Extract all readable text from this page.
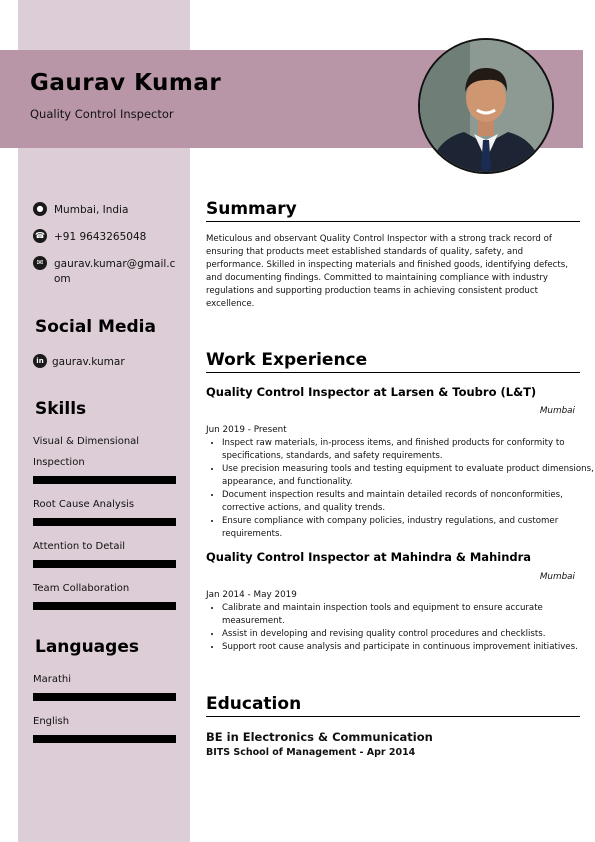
Gaurav Kumar
Quality Control Inspector
●	Mumbai, India
☎ +91 9643265048
✉	gaurav.kumar@gmail.com
Social Media
in gaurav.kumar
Skills
Visual & Dimensional Inspection
Root Cause Analysis
Attention to Detail
Team Collaboration
Languages
Marathi
English
Summary
Meticulous and observant Quality Control Inspector with a strong track record of ensuring that products meet established standards of quality, safety, and performance. Skilled in inspecting materials and finished goods, identifying defects, and documenting findings. Committed to maintaining compliance with industry regulations and supporting production teams in achieving consistent product excellence.
Work Experience
Quality Control Inspector at Larsen & Toubro (L&T)
Mumbai
Jun 2019 - Present
• Inspect raw materials, in-process items, and finished products for conformity to specifications, standards, and safety requirements.
• Use precision measuring tools and testing equipment to evaluate product dimensions, appearance, and functionality.
• Document inspection results and maintain detailed records of nonconformities, corrective actions, and quality trends.
• Ensure compliance with company policies, industry regulations, and customer requirements.
Quality Control Inspector at Mahindra & Mahindra
Mumbai
Jan 2014 - May 2019
• Calibrate and maintain inspection tools and equipment to ensure accurate measurement.
• Assist in developing and revising quality control procedures and checklists.
• Support root cause analysis and participate in continuous improvement initiatives.
Education
BE in Electronics & Communication
BITS School of Management - Apr 2014
